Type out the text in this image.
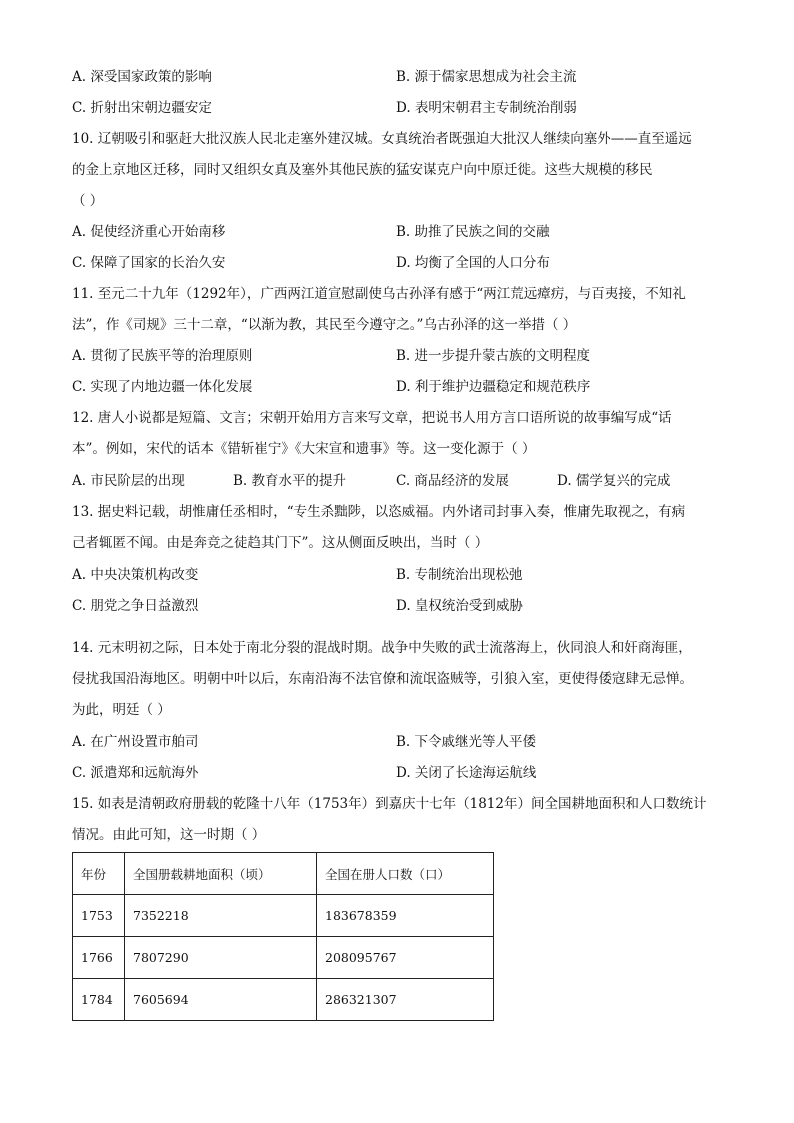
A. 深受国家政策的影响	B. 源于儒家思想成为社会主流
C. 折射出宋朝边疆安定	D. 表明宋朝君主专制统治削弱
10. 辽朝吸引和驱赶大批汉族人民北走塞外建汉城。女真统治者既强迫大批汉人继续向塞外——直至遥远
的金上京地区迁移，同时又组织女真及塞外其他民族的猛安谋克户向中原迁徙。这些大规模的移民
（ ）
A. 促使经济重心开始南移	B. 助推了民族之间的交融
C. 保障了国家的长治久安	D. 均衡了全国的人口分布
11. 至元二十九年（1292年），广西两江道宣慰副使乌古孙泽有感于“两江荒远瘴疠，与百夷接，不知礼
法”，作《司规》三十二章，“以渐为教，其民至今遵守之。”乌古孙泽的这一举措（ ）
A. 贯彻了民族平等的治理原则	B. 进一步提升蒙古族的文明程度
C. 实现了内地边疆一体化发展	D. 利于维护边疆稳定和规范秩序
12. 唐人小说都是短篇、文言；宋朝开始用方言来写文章，把说书人用方言口语所说的故事编写成“话
本”。例如，宋代的话本《错斩崔宁》《大宋宣和遗事》等。这一变化源于（ ）
A. 市民阶层的出现	B. 教育水平的提升	C. 商品经济的发展	D. 儒学复兴的完成
13. 据史料记载，胡惟庸任丞相时，“专生杀黜陟，以恣威福。内外诸司封事入奏，惟庸先取视之，有病
己者辄匿不闻。由是奔竞之徒趋其门下”。这从侧面反映出，当时（ ）
A. 中央决策机构改变	B. 专制统治出现松弛
C. 朋党之争日益激烈	D. 皇权统治受到威胁
14. 元末明初之际，日本处于南北分裂的混战时期。战争中失败的武士流落海上，伙同浪人和奸商海匪，
侵扰我国沿海地区。明朝中叶以后，东南沿海不法官僚和流氓盗贼等，引狼入室，更使得倭寇肆无忌惮。
为此，明廷（ ）
A. 在广州设置市舶司	B. 下令戚继光等人平倭
C. 派遣郑和远航海外	D. 关闭了长途海运航线
15. 如表是清朝政府册载的乾隆十八年（1753年）到嘉庆十七年（1812年）间全国耕地面积和人口数统计
情况。由此可知，这一时期（ ）
年份	全国册载耕地面积（顷）	全国在册人口数（口）
1753	7352218	183678359
1766	7807290	208095767
1784	7605694	286321307
